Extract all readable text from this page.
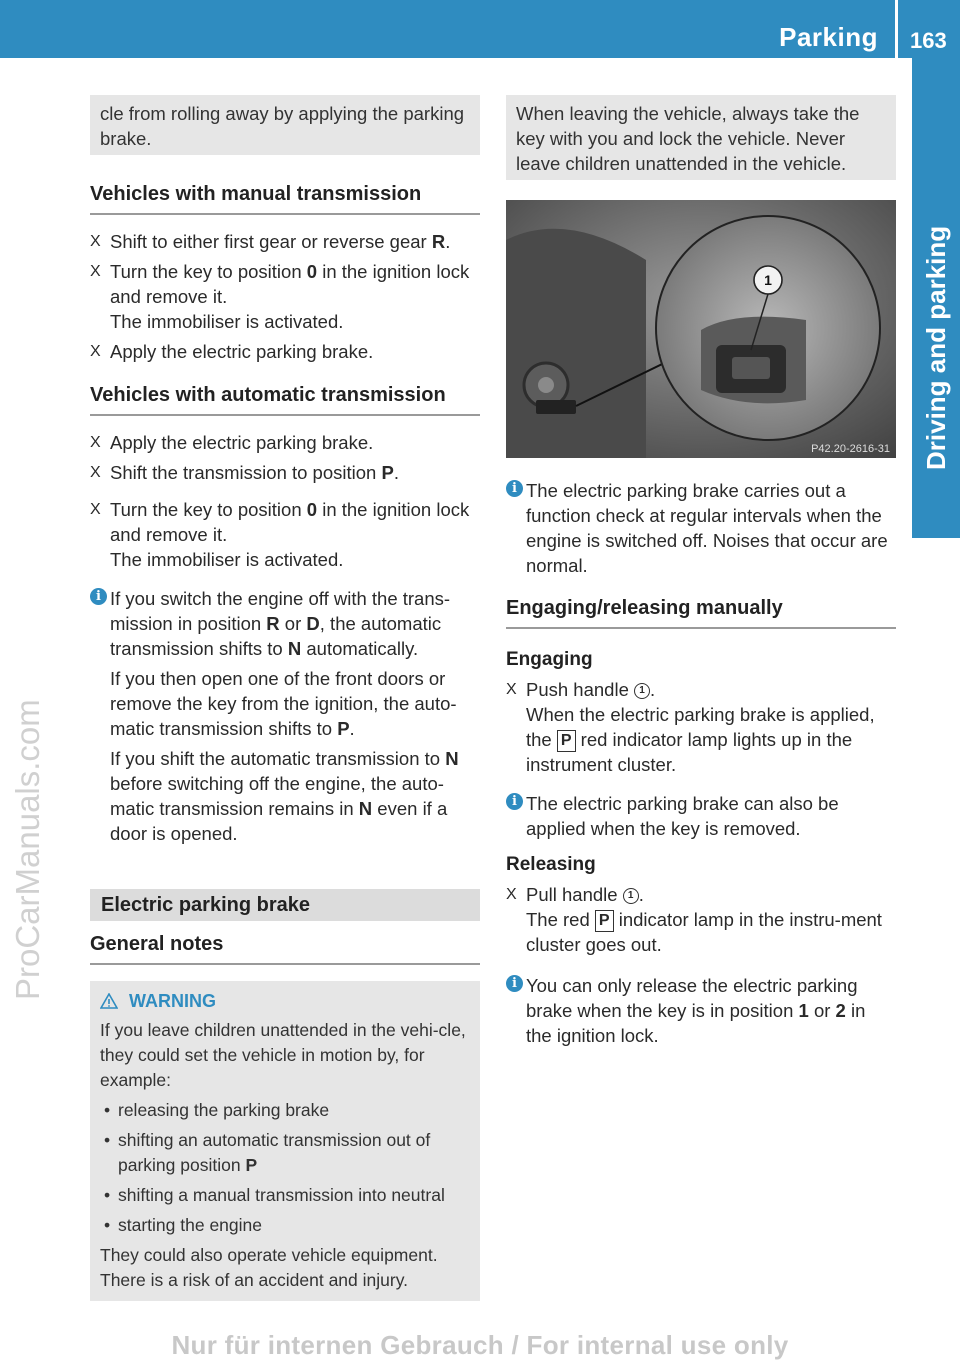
Parking 163
Driving and parking
ProCarManuals.com
cle from rolling away by applying the parking brake.
Vehicles with manual transmission
X Shift to either first gear or reverse gear R.
X Turn the key to position 0 in the ignition lock and remove it.
The immobiliser is activated.
X Apply the electric parking brake.
Vehicles with automatic transmission
X Apply the electric parking brake.
X Shift the transmission to position P.
X Turn the key to position 0 in the ignition lock and remove it.
The immobiliser is activated.
i If you switch the engine off with the trans-mission in position R or D, the automatic transmission shifts to N automatically.

If you then open one of the front doors or remove the key from the ignition, the auto-matic transmission shifts to P.

If you shift the automatic transmission to N before switching off the engine, the auto-matic transmission remains in N even if a door is opened.

Electric parking brake
General notes
WARNING
If you leave children unattended in the vehi-cle, they could set the vehicle in motion by, for example:
• releasing the parking brake
• shifting an automatic transmission out of parking position P
• shifting a manual transmission into neutral
• starting the engine
They could also operate vehicle equipment. There is a risk of an accident and injury.
When leaving the vehicle, always take the key with you and lock the vehicle. Never leave children unattended in the vehicle.
1
P42.20-2616-31
i The electric parking brake carries out a function check at regular intervals when the engine is switched off. Noises that occur are normal.

Engaging/releasing manually
Engaging
X Push handle 1 .
When the electric parking brake is applied, the P red indicator lamp lights up in the instrument cluster.
i The electric parking brake can also be applied when the key is removed.

Releasing
X Pull handle 1 .
The red P indicator lamp in the instru-ment cluster goes out.
i You can only release the electric parking brake when the key is in position 1 or 2 in the ignition lock.

Nur für internen Gebrauch / For internal use only
